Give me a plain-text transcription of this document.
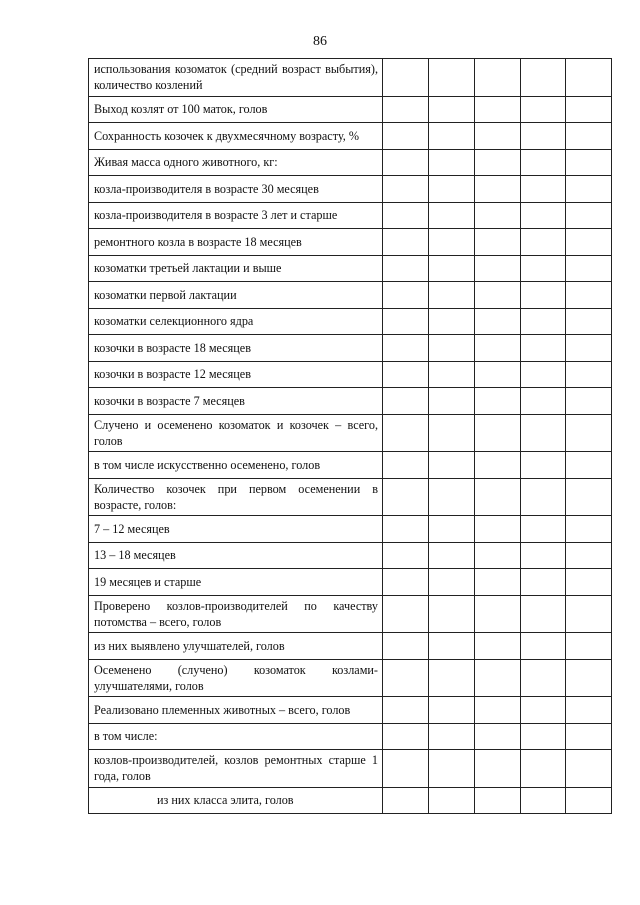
86
использования козоматок (средний возраст выбытия), количество козлений					
Выход козлят от 100 маток, голов					
Сохранность козочек к двухмесячному возрасту, %					
Живая масса одного животного, кг:					
козла-производителя в возрасте 30 месяцев					
козла-производителя в возрасте 3 лет и старше					
ремонтного козла в возрасте 18 месяцев					
козоматки третьей лактации и выше					
козоматки первой лактации					
козоматки селекционного ядра					
козочки в возрасте 18 месяцев					
козочки в возрасте 12 месяцев					
козочки в возрасте 7 месяцев					
Случено и осеменено козоматок и козочек – всего, голов					
в том числе искусственно осеменено, голов					
Количество козочек при первом осеменении в возрасте, голов:					
7 – 12 месяцев					
13 – 18 месяцев					
19 месяцев и старше					
Проверено козлов-производителей по качеству потомства – всего, голов					
из них выявлено улучшателей, голов					
Осеменено (случено) козоматок козлами-улучшателями, голов					
Реализовано племенных животных – всего, голов					
в том числе:					
козлов-производителей, козлов ремонтных старше 1 года, голов					
из них класса элита, голов					
